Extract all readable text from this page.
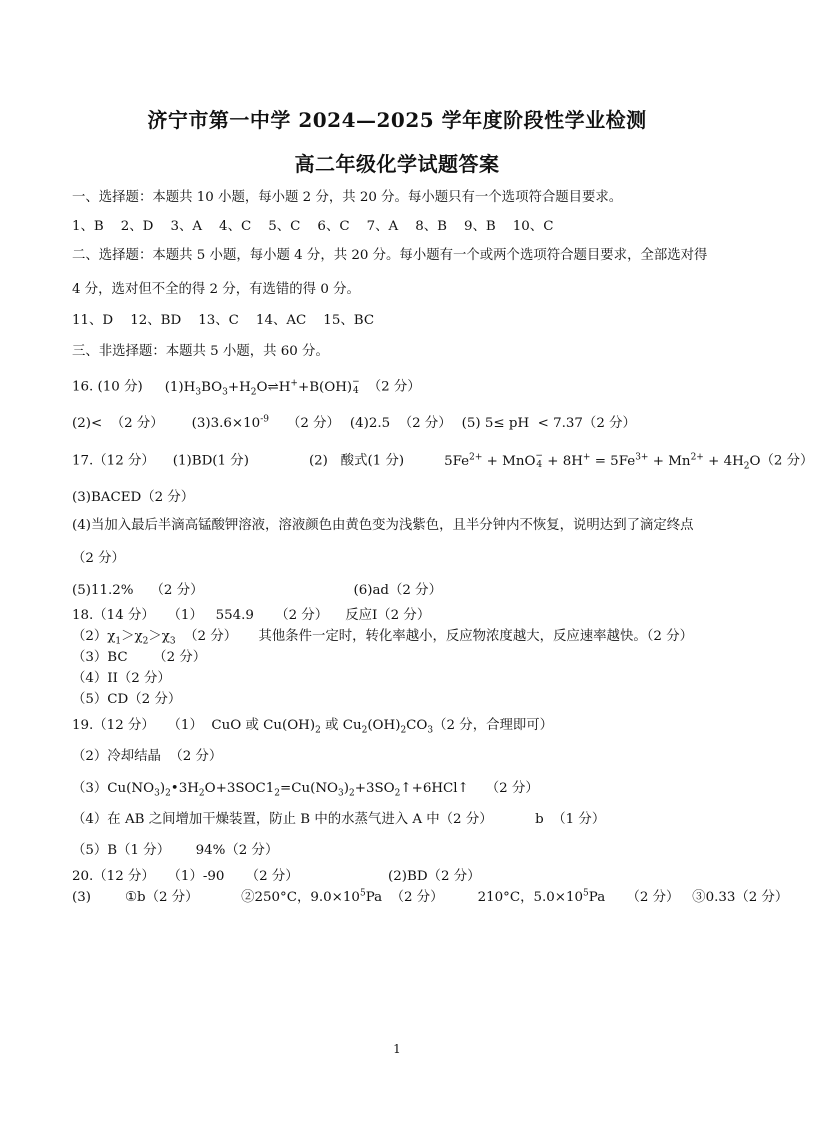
济宁市第一中学 2024—2025 学年度阶段性学业检测
高二年级化学试题答案
一、选择题：本题共 10 小题，每小题 2 分，共 20 分。每小题只有一个选项符合题目要求。
1、B    2、D    3、A    4、C    5、C    6、C    7、A    8、B    9、B    10、C
二、选择题：本题共 5 小题，每小题 4 分，共 20 分。每小题有一个或两个选项符合题目要求，全部选对得
4 分，选对但不全的得 2 分，有选错的得 0 分。
11、D    12、BD    13、C    14、AC    15、BC
三、非选择题：本题共 5 小题，共 60 分。
16. (10 分) $(1)H_3BO_3+H_2O\rightleftharpoons H^++B(OH)-$
4 （2 分）
(2)<  （2 分） $(3)3.6\times 10^{-9}$ （2 分） (4)2.5  （2 分） (5) 5≤ pH  < 7.37（2 分）
17.（12 分） (1)BD(1 分)	(2)   酸式(1 分)	$5Fe^{2+} + MnO-$
$4 + 8H^+ = 5Fe^{3+} + Mn^{2+} + 4H_2O(2$ 分）
(3)BACED（2 分）
(4)当加入最后半滴高锰酸钾溶液，溶液颜色由黄色变为浅紫色，且半分钟内不恢复，说明达到了滴定终点
（2 分）
(5)11.2%    （2 分）	(6)ad（2 分）
18.（14 分）   （1）   554.9     （2 分）    反应I（2 分）
$(2)\chi_1>\chi_2>\chi_3$  （2 分）     其他条件一定时，转化率越小，反应物浓度越大，反应速率越快。（2 分）
（3）BC      （2 分）
（4）II（2 分）
（5）CD（2 分）
19.（12 分）   （1）  CuO 或 $Cu(OH)_2$ 或 $Cu_2(OH)_2CO_3(2$ 分，合理即可）
（2）冷却结晶  （2 分）
$(3)Cu(NO_3)_2•3H_2O+3SOC1_2=Cu(NO_3)_2+3SO_2↑+6HCl↑$    （2 分）
（4）在 AB 之间增加干燥装置，防止 B 中的水蒸气进入 A 中（2 分）          b  （1 分）
（5）B（1 分）      94%（2 分）
20.（12 分）   （1）-90     （2 分）                     (2)BD（2 分）
(3)        ①b（2 分）          ②250°C，$9.0\times 10^5Pa$  （2 分）        210°C，$5.0\times 10^5Pa$     （2 分）   ③0.33（2 分）
1
